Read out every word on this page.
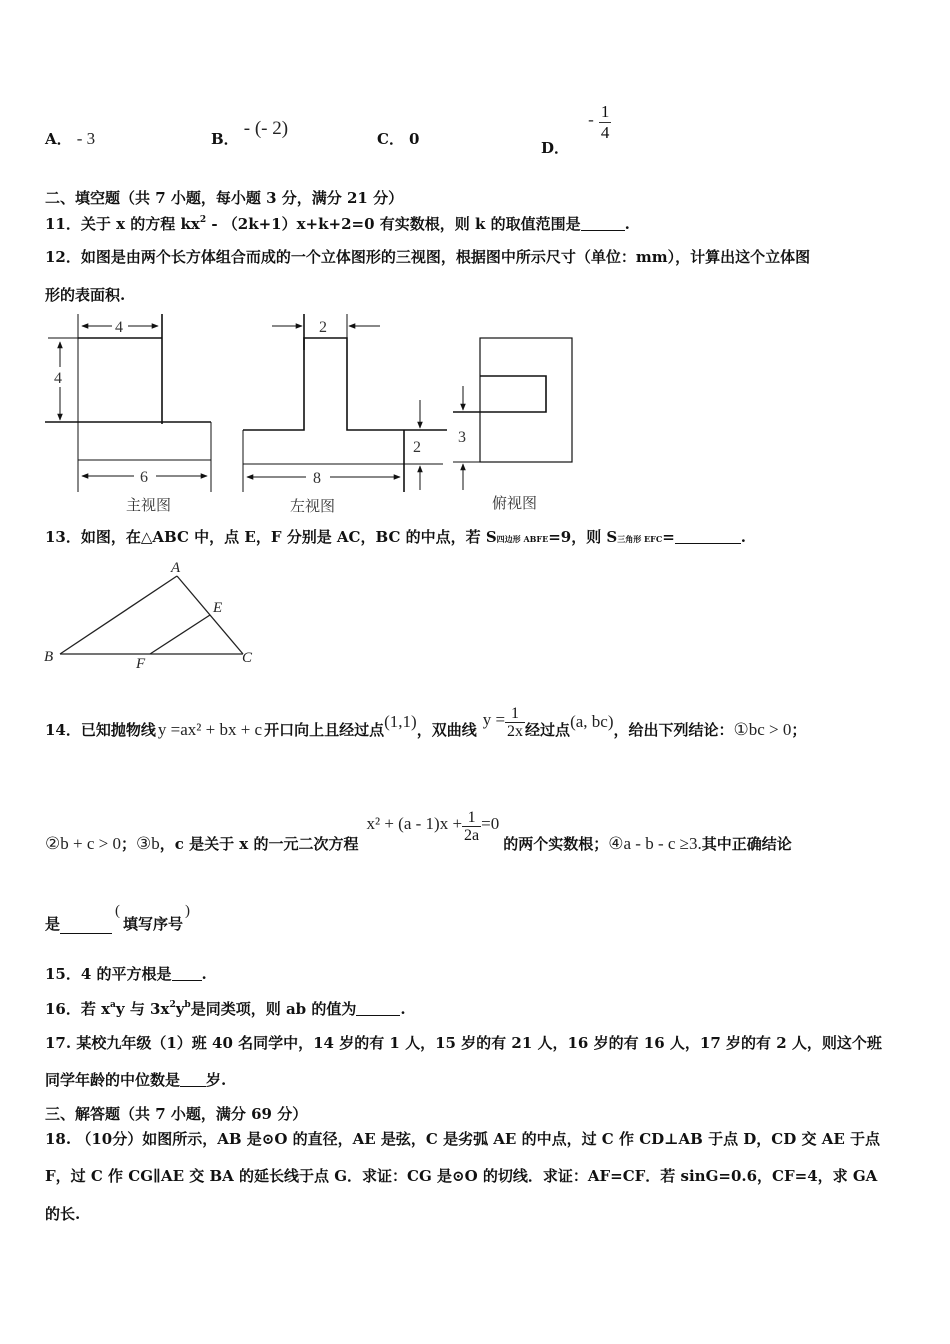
A． - 3	B． - (- 2)	C． 0	D． - $\frac{1}{4}$
二、填空题（共 7 小题，每小题 3 分，满分 21 分）
11．关于 x 的方程 $kx^2 - (2k+1)x+k+2=0$ 有实数根，则 k 的取值范围是	.
12．如图是由两个长方体组合而成的一个立体图形的三视图，根据图中所示尺寸（单位：mm），计算出这个立体图
形的表面积.
4
4
6
2
2
8
3
主视图	左视图	俯视图
13．如图，在△ABC 中，点 E，F 分别是 AC，BC 的中点，若 S四边形 ABFE=9，则 S三角形 EFC=	.
A
E
B	F	C
14． 已知抛物线 y =ax² + bx + c 开口向上且经过点 (1,1) ，双曲线
$y = \frac{1}{2x}$ 经过点 (a, bc) ，给出下列结论： ①bc > 0 ；
②b + c > 0 ； ③b ，c 是关于 x 的一元二次方程
$x^2 + (a - 1)x + \frac{1}{2a} =0$
的两个实数根； ④a - b - c ≥3. 其中正确结论
是
(
填写序号
)
15．4 的平方根是 .
16．若 $x^ay$ 与 $3x^2y^b$是同类项，则 ab 的值为	.
17. 某校九年级（1）班 40 名同学中，14 岁的有 1 人，15 岁的有 21 人，16 岁的有 16 人，17 岁的有 2 人，则这个班
同学年龄的中位数是 岁.
三、解答题（共 7 小题，满分 69 分）
18. （10分）如图所示，AB 是⊙O 的直径，AE 是弦，C 是劣弧 AE 的中点，过 C 作 CD⊥AB 于点 D，CD 交 AE 于点
F，过 C 作 CG∥AE 交 BA 的延长线于点 G．求证：CG 是⊙O 的切线．求证：AF=CF．若 sinG=0.6，CF=4，求 GA
的长.
